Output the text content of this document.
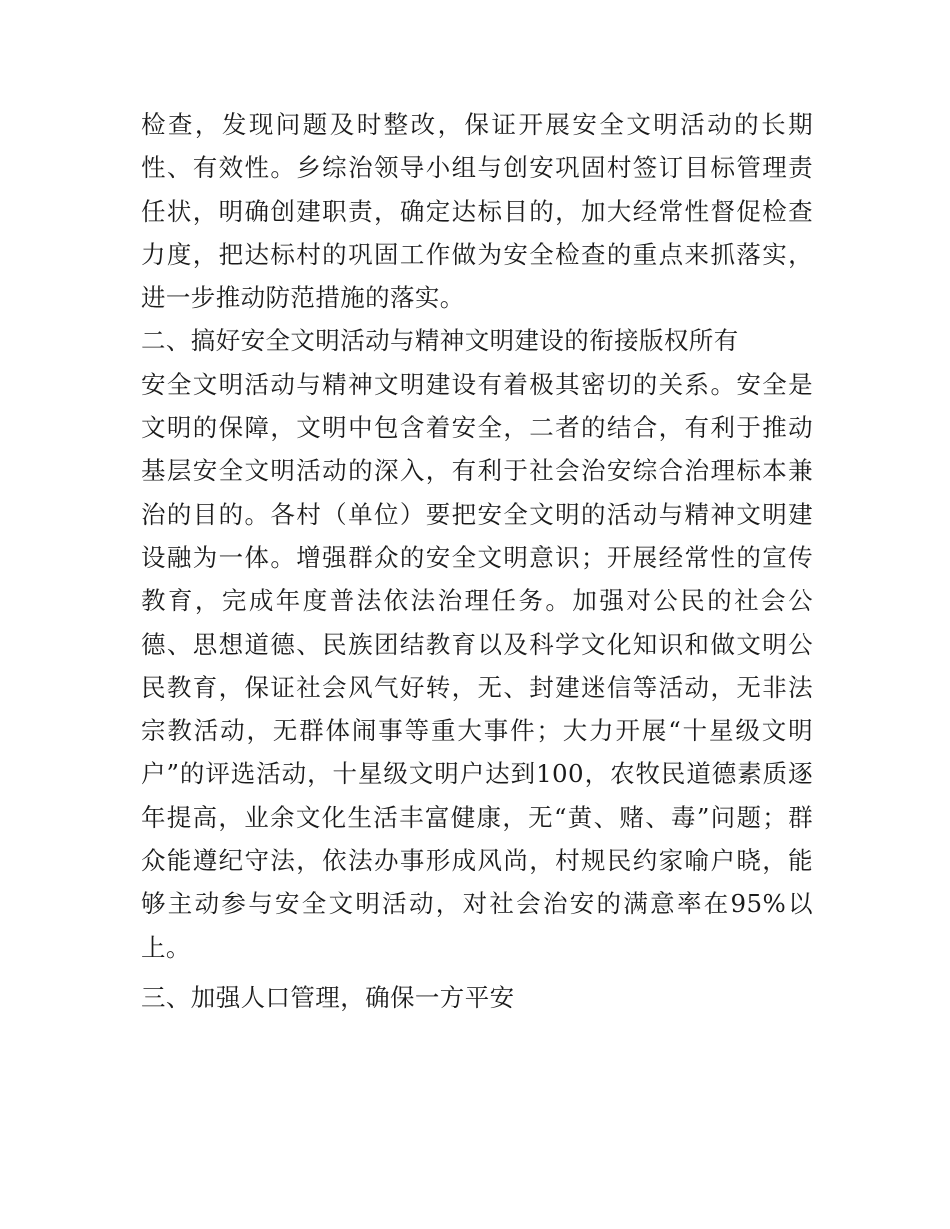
检查，发现问题及时整改，保证开展安全文明活动的长期性、有效性。乡综治领导小组与创安巩固村签订目标管理责任状，明确创建职责，确定达标目的，加大经常性督促检查力度，把达标村的巩固工作做为安全检查的重点来抓落实，进一步推动防范措施的落实。

二、搞好安全文明活动与精神文明建设的衔接版权所有

安全文明活动与精神文明建设有着极其密切的关系。安全是文明的保障，文明中包含着安全，二者的结合，有利于推动基层安全文明活动的深入，有利于社会治安综合治理标本兼治的目的。各村（单位）要把安全文明的活动与精神文明建设融为一体。增强群众的安全文明意识；开展经常性的宣传教育，完成年度普法依法治理任务。加强对公民的社会公德、思想道德、民族团结教育以及科学文化知识和做文明公民教育，保证社会风气好转，无、封建迷信等活动，无非法宗教活动，无群体闹事等重大事件；大力开展“十星级文明户”的评选活动，十星级文明户达到100，农牧民道德素质逐年提高，业余文化生活丰富健康，无“黄、赌、毒”问题；群众能遵纪守法，依法办事形成风尚，村规民约家喻户晓，能够主动参与安全文明活动，对社会治安的满意率在95%以上。

三、加强人口管理，确保一方平安
